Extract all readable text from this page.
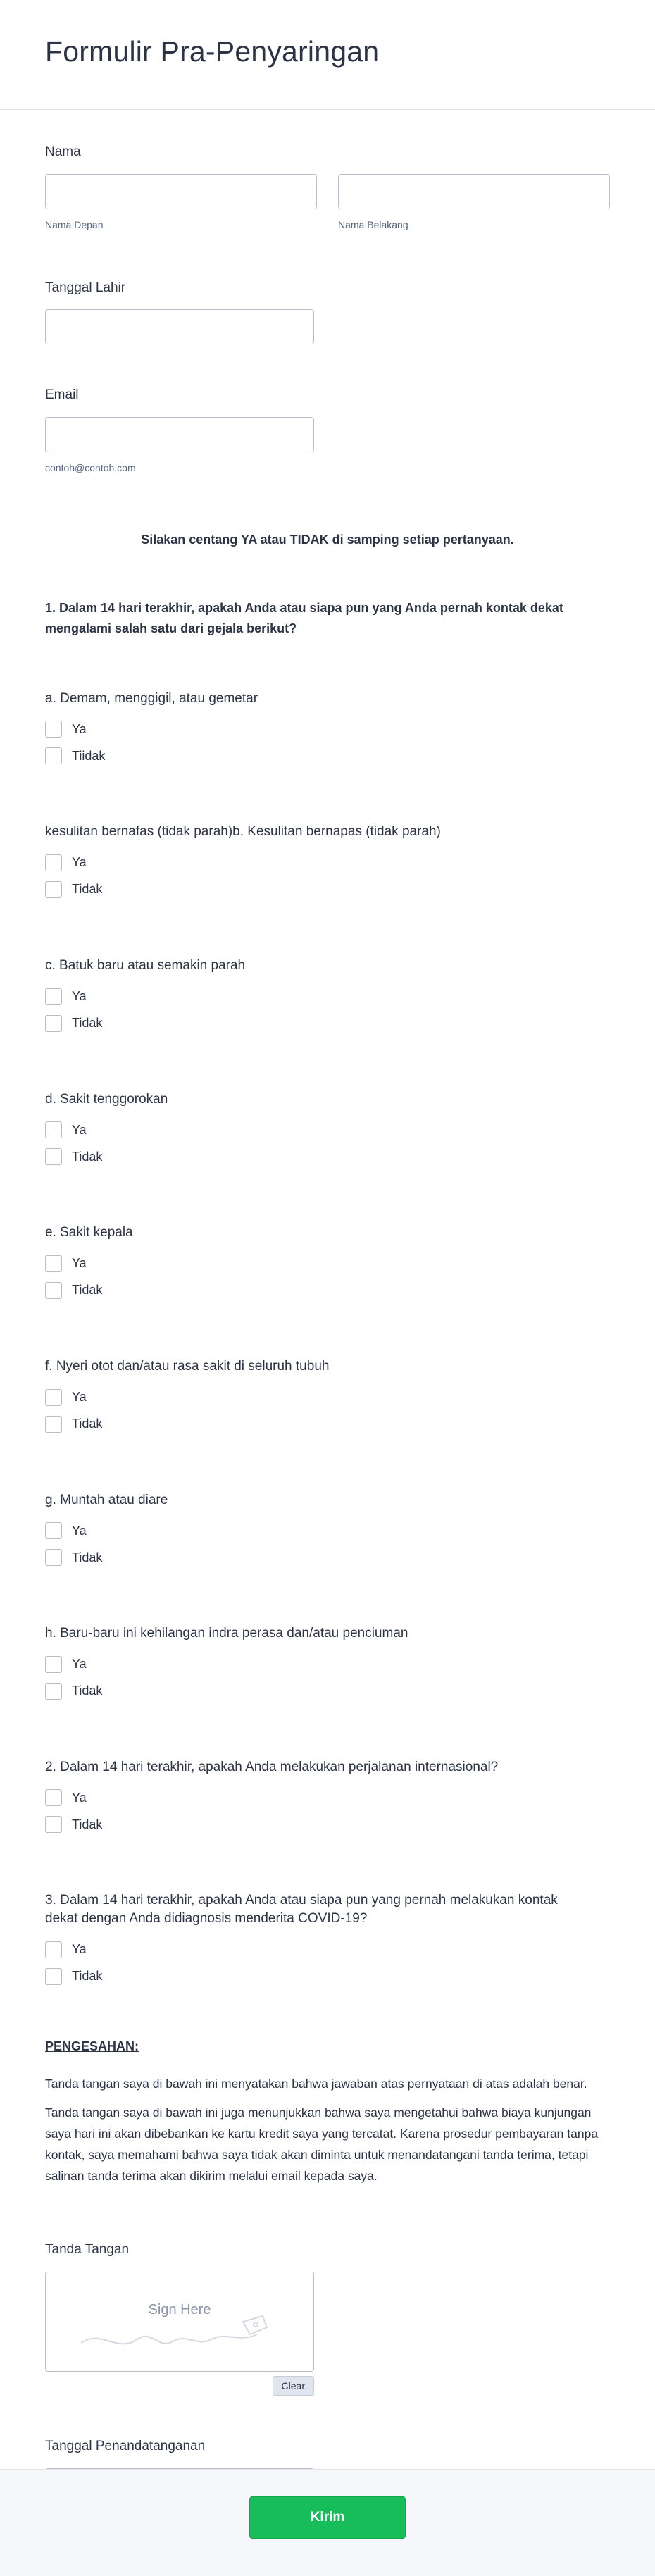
Formulir Pra-Penyaringan
Nama
Nama Depan	Nama Belakang
Tanggal Lahir
Email
contoh@contoh.com
Silakan centang YA atau TIDAK di samping setiap pertanyaan.
1. Dalam 14 hari terakhir, apakah Anda atau siapa pun yang Anda pernah kontak dekat mengalami salah satu dari gejala berikut?
a. Demam, menggigil, atau gemetar
Ya
Tiidak
kesulitan bernafas (tidak parah)b. Kesulitan bernapas (tidak parah)
Ya
Tidak
c. Batuk baru atau semakin parah
Ya
Tidak
d. Sakit tenggorokan
Ya
Tidak
e. Sakit kepala
Ya
Tidak
f. Nyeri otot dan/atau rasa sakit di seluruh tubuh
Ya
Tidak
g. Muntah atau diare
Ya
Tidak
h. Baru-baru ini kehilangan indra perasa dan/atau penciuman
Ya
Tidak
2. Dalam 14 hari terakhir, apakah Anda melakukan perjalanan internasional?
Ya
Tidak
3. Dalam 14 hari terakhir, apakah Anda atau siapa pun yang pernah melakukan kontak dekat dengan Anda didiagnosis menderita COVID-19?
Ya
Tidak
PENGESAHAN:

Tanda tangan saya di bawah ini menyatakan bahwa jawaban atas pernyataan di atas adalah benar.

Tanda tangan saya di bawah ini juga menunjukkan bahwa saya mengetahui bahwa biaya kunjungan saya hari ini akan dibebankan ke kartu kredit saya yang tercatat. Karena prosedur pembayaran tanpa kontak, saya memahami bahwa saya tidak akan diminta untuk menandatangani tanda terima, tetapi salinan tanda terima akan dikirim melalui email kepada saya.

Tanda Tangan
Sign Here
Clear
Tanggal Penandatanganan
Kirim
